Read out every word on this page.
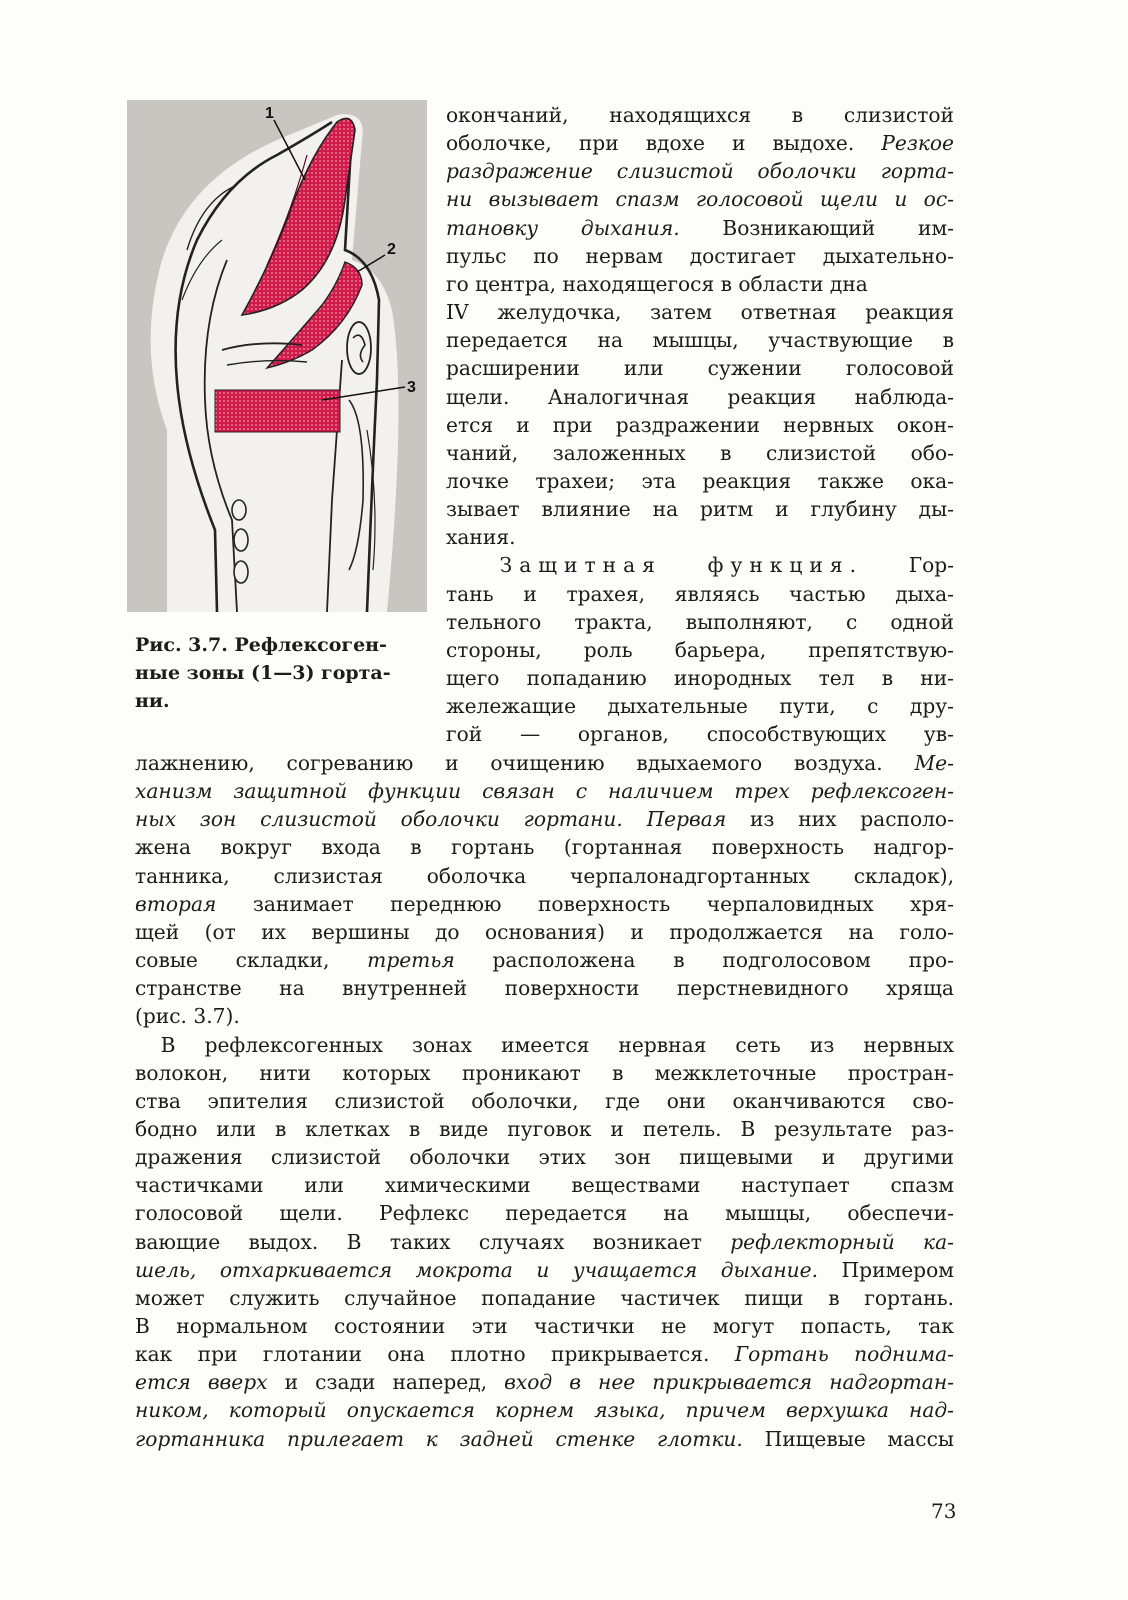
1
2
3
Рис. 3.7. Рефлексоген-
ные зоны (1—3) горта-
ни.
окончаний, находящихся в слизистой
оболочке, при вдохе и выдохе. Резкое
раздражение слизистой оболочки горта-
ни вызывает спазм голосовой щели и ос-
тановку дыхания. Возникающий им-
пульс по нервам достигает дыхательно-
го центра, находящегося в области дна
IV желудочка, затем ответная реакция
передается на мышцы, участвующие в
расширении или сужении голосовой
щели. Аналогичная реакция наблюда-
ется и при раздражении нервных окон-
чаний, заложенных в слизистой обо-
лочке трахеи; эта реакция также ока-
зывает влияние на ритм и глубину ды-
хания.
Защитная функция. Гор-
тань и трахея, являясь частью дыха-
тельного тракта, выполняют, с одной
стороны, роль барьера, препятствую-
щего попаданию инородных тел в ни-
жележащие дыхательные пути, с дру-
гой — органов, способствующих ув-
лажнению, согреванию и очищению вдыхаемого воздуха. Ме-
ханизм защитной функции связан с наличием трех рефлексоген-
ных зон слизистой оболочки гортани. Первая из них располо-
жена вокруг входа в гортань (гортанная поверхность надгор-
танника, слизистая оболочка черпалонадгортанных складок),
вторая занимает переднюю поверхность черпаловидных хря-
щей (от их вершины до основания) и продолжается на голо-
совые складки, третья расположена в подголосовом про-
странстве на внутренней поверхности перстневидного хряща
(рис. 3.7).
В рефлексогенных зонах имеется нервная сеть из нервных
волокон, нити которых проникают в межклеточные простран-
ства эпителия слизистой оболочки, где они оканчиваются сво-
бодно или в клетках в виде пуговок и петель. В результате раз-
дражения слизистой оболочки этих зон пищевыми и другими
частичками или химическими веществами наступает спазм
голосовой щели. Рефлекс передается на мышцы, обеспечи-
вающие выдох. В таких случаях возникает рефлекторный ка-
шель, отхаркивается мокрота и учащается дыхание. Примером
может служить случайное попадание частичек пищи в гортань.
В нормальном состоянии эти частички не могут попасть, так
как при глотании она плотно прикрывается. Гортань поднима-
ется вверх и сзади наперед, вход в нее прикрывается надгортан-
ником, который опускается корнем языка, причем верхушка над-
гортанника прилегает к задней стенке глотки. Пищевые массы
73
